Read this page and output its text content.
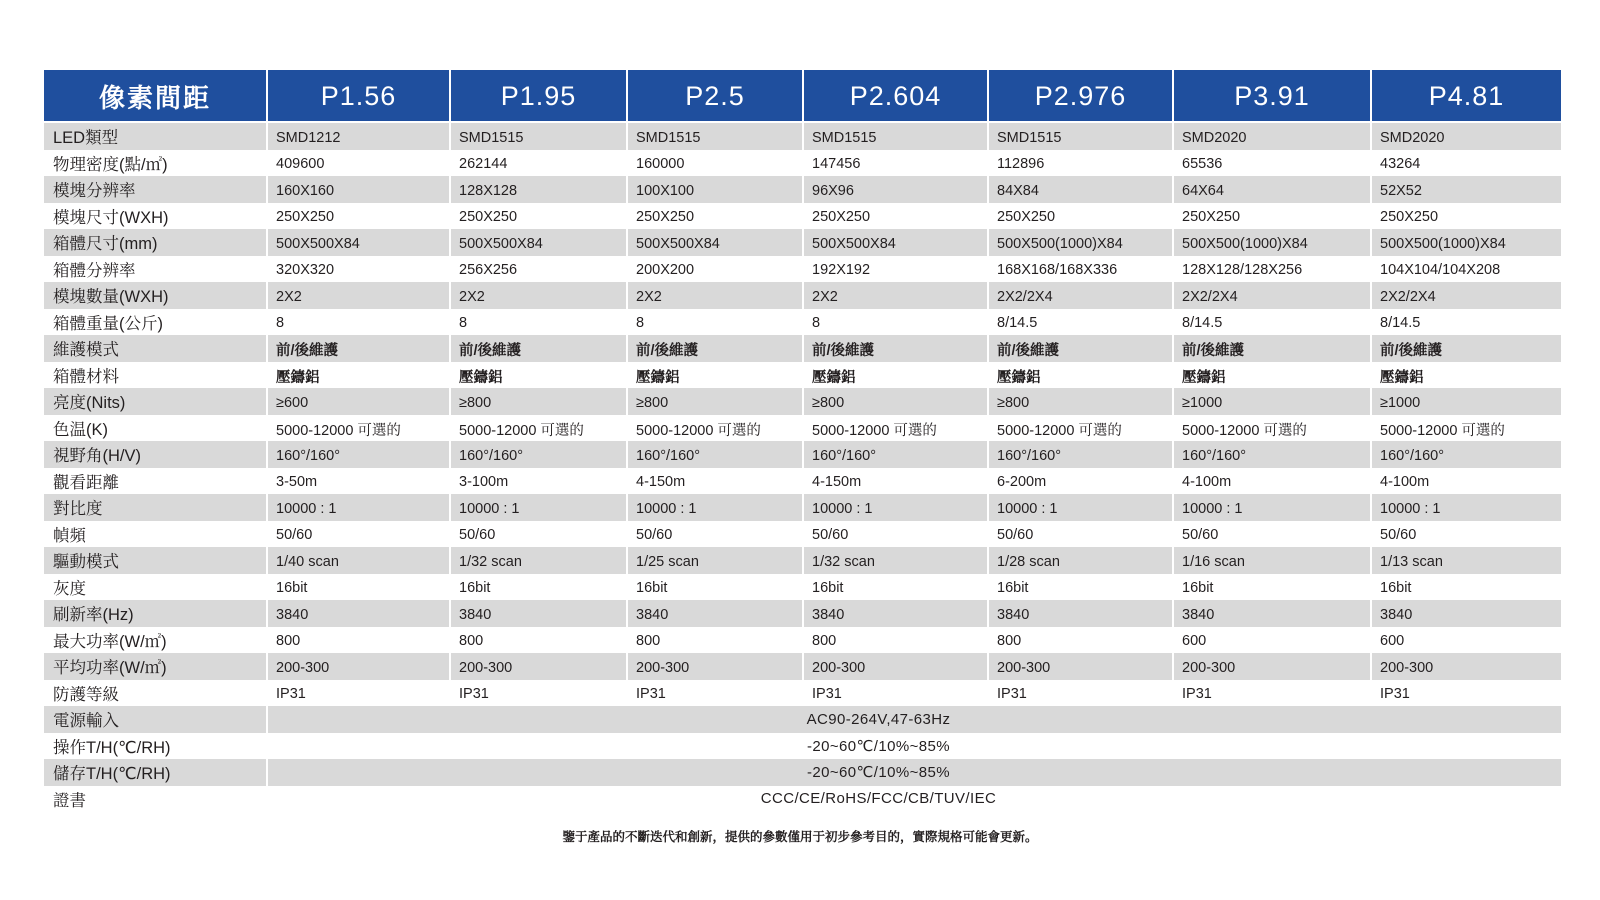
像素間距	P1.56	P1.95	P2.5	P2.604	P2.976	P3.91	P4.81
LED類型	SMD1212	SMD1515	SMD1515	SMD1515	SMD1515	SMD2020	SMD2020
物理密度(點/㎡)	409600	262144	160000	147456	112896	65536	43264
模塊分辨率	160X160	128X128	100X100	96X96	84X84	64X64	52X52
模塊尺寸(WXH)	250X250	250X250	250X250	250X250	250X250	250X250	250X250
箱體尺寸(mm)	500X500X84	500X500X84	500X500X84	500X500X84	500X500(1000)X84	500X500(1000)X84	500X500(1000)X84
箱體分辨率	320X320	256X256	200X200	192X192	168X168/168X336	128X128/128X256	104X104/104X208
模塊數量(WXH)	2X2	2X2	2X2	2X2	2X2/2X4	2X2/2X4	2X2/2X4
箱體重量(公斤)	8	8	8	8	8/14.5	8/14.5	8/14.5
維護模式	前/後維護	前/後維護	前/後維護	前/後維護	前/後維護	前/後維護	前/後維護
箱體材料	壓鑄鋁	壓鑄鋁	壓鑄鋁	壓鑄鋁	壓鑄鋁	壓鑄鋁	壓鑄鋁
亮度(Nits)	≥600	≥800	≥800	≥800	≥800	≥1000	≥1000
色温(K)	5000-12000 可選的	5000-12000 可選的	5000-12000 可選的	5000-12000 可選的	5000-12000 可選的	5000-12000 可選的	5000-12000 可選的
視野角(H/V)	160°/160°	160°/160°	160°/160°	160°/160°	160°/160°	160°/160°	160°/160°
觀看距離	3-50m	3-100m	4-150m	4-150m	6-200m	4-100m	4-100m
對比度	10000 : 1	10000 : 1	10000 : 1	10000 : 1	10000 : 1	10000 : 1	10000 : 1
幀頻	50/60	50/60	50/60	50/60	50/60	50/60	50/60
驅動模式	1/40 scan	1/32 scan	1/25 scan	1/32 scan	1/28 scan	1/16 scan	1/13 scan
灰度	16bit	16bit	16bit	16bit	16bit	16bit	16bit
刷新率(Hz)	3840	3840	3840	3840	3840	3840	3840
最大功率(W/㎡)	800	800	800	800	800	600	600
平均功率(W/㎡)	200-300	200-300	200-300	200-300	200-300	200-300	200-300
防護等級	IP31	IP31	IP31	IP31	IP31	IP31	IP31
電源輸入	AC90-264V,47-63Hz
操作T/H(℃/RH)	-20~60℃/10%~85%
儲存T/H(℃/RH)	-20~60℃/10%~85%
證書	CCC/CE/RoHS/FCC/CB/TUV/IEC
鑒于產品的不斷迭代和創新，提供的參數僅用于初步參考目的，實際規格可能會更新。
